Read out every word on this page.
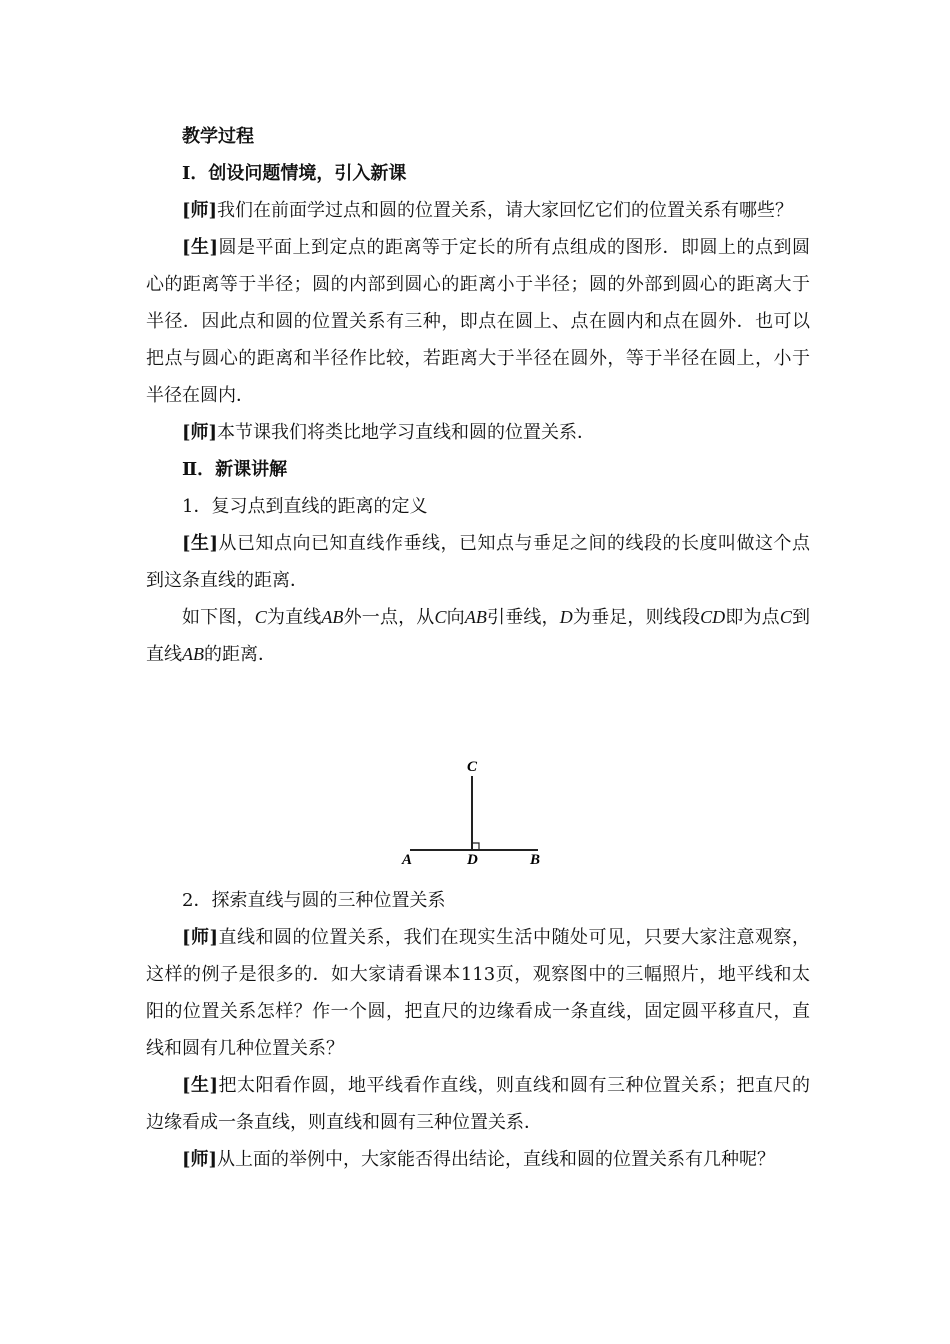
教学过程

Ⅰ．创设问题情境，引入新课

[师]我们在前面学过点和圆的位置关系，请大家回忆它们的位置关系有哪些？

[生]圆是平面上到定点的距离等于定长的所有点组成的图形．即圆上的点到圆心的距离等于半径；圆的内部到圆心的距离小于半径；圆的外部到圆心的距离大于半径．因此点和圆的位置关系有三种，即点在圆上、点在圆内和点在圆外．也可以把点与圆心的距离和半径作比较，若距离大于半径在圆外，等于半径在圆上，小于半径在圆内．

[师]本节课我们将类比地学习直线和圆的位置关系．

Ⅱ．新课讲解

1．复习点到直线的距离的定义

[生]从已知点向已知直线作垂线，已知点与垂足之间的线段的长度叫做这个点到这条直线的距离．

如下图，C为直线AB外一点，从C向AB引垂线，D为垂足，则线段CD即为点C到直线AB的距离．

C
A	D	B

2．探索直线与圆的三种位置关系

[师]直线和圆的位置关系，我们在现实生活中随处可见，只要大家注意观察，这样的例子是很多的．如大家请看课本113页，观察图中的三幅照片，地平线和太阳的位置关系怎样？作一个圆，把直尺的边缘看成一条直线，固定圆平移直尺，直线和圆有几种位置关系？

[生]把太阳看作圆，地平线看作直线，则直线和圆有三种位置关系；把直尺的边缘看成一条直线，则直线和圆有三种位置关系．

[师]从上面的举例中，大家能否得出结论，直线和圆的位置关系有几种呢？
